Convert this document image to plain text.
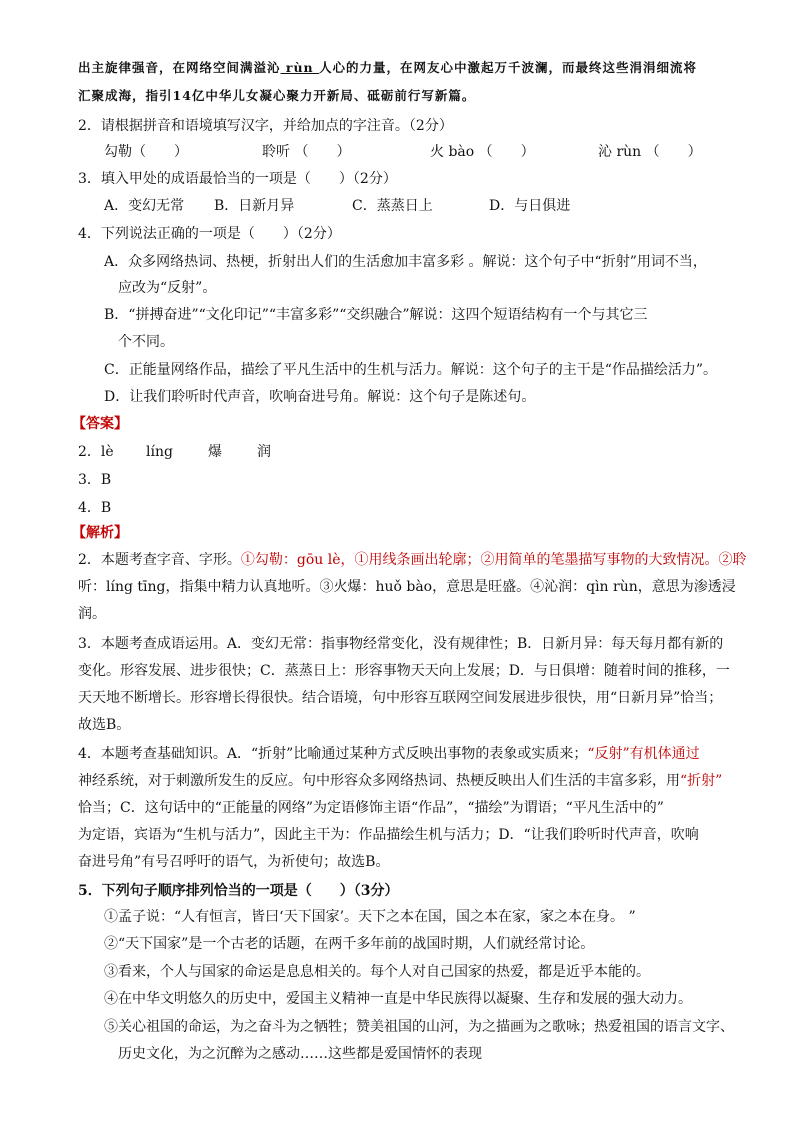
出主旋律强音，在网络空间满溢沁 rùn 人心的力量，在网友心中激起万千波澜，而最终这些涓涓细流将
汇聚成海，指引14亿中华儿女凝心聚力开新局、砥砺前行写新篇。
2．请根据拼音和语境填写汉字，并给加点的字注音。（2分）
勾勒（　　）	聆听 （　　）	火 bào （　　）	沁 rùn （　　）
3．填入甲处的成语最恰当的一项是（　　）（2分）
A．变幻无常 B．日新月异	C．蒸蒸日上	D．与日俱进
4．下列说法正确的一项是（　　）（2分）
A．众多网络热词、热梗，折射出人们的生活愈加丰富多彩 。解说：这个句子中“折射”用词不当，
应改为“反射”。
B．“拼搏奋进”“文化印记”“丰富多彩”“交织融合”解说：这四个短语结构有一个与其它三
个不同。
C．正能量网络作品，描绘了平凡生活中的生机与活力。解说：这个句子的主干是“作品描绘活力”。
D．让我们聆听时代声音，吹响奋进号角。解说：这个句子是陈述句。
【答案】
2．lè líng	爆	润
3．B
4．B
【解析】
2．本题考查字音、字形。①勾勒：gōu lè，①用线条画出轮廓；②用简单的笔墨描写事物的大致情况。②聆
听：líng tīng，指集中精力认真地听。③火爆：huǒ bào，意思是旺盛。④沁润：qìn rùn，意思为渗透浸
润。
3．本题考查成语运用。A．变幻无常：指事物经常变化，没有规律性；B．日新月异：每天每月都有新的
变化。形容发展、进步很快；C．蒸蒸日上：形容事物天天向上发展；D．与日俱增：随着时间的推移，一
天天地不断增长。形容增长得很快。结合语境，句中形容互联网空间发展进步很快，用“日新月异”恰当；
故选B。
4．本题考查基础知识。A．“折射”比喻通过某种方式反映出事物的表象或实质来；“反射”有机体通过
神经系统，对于刺激所发生的反应。句中形容众多网络热词、热梗反映出人们生活的丰富多彩，用“折射”
恰当；C．这句话中的“正能量的网络”为定语修饰主语“作品”，“描绘”为谓语；“平凡生活中的”
为定语，宾语为“生机与活力”，因此主干为：作品描绘生机与活力；D．“让我们聆听时代声音，吹响
奋进号角”有号召呼吁的语气，为祈使句；故选B。
5．下列句子顺序排列恰当的一项是（　　）（3分）
①孟子说：“人有恒言，皆曰‘天下国家’。天下之本在国，国之本在家，家之本在身。 ”
②“天下国家”是一个古老的话题，在两千多年前的战国时期，人们就经常讨论。
③看来，个人与国家的命运是息息相关的。每个人对自己国家的热爱，都是近乎本能的。
④在中华文明悠久的历史中，爱国主义精神一直是中华民族得以凝聚、生存和发展的强大动力。
⑤关心祖国的命运，为之奋斗为之牺牲；赞美祖国的山河，为之描画为之歌咏；热爱祖国的语言文字、
历史文化，为之沉醉为之感动……这些都是爱国情怀的表现
